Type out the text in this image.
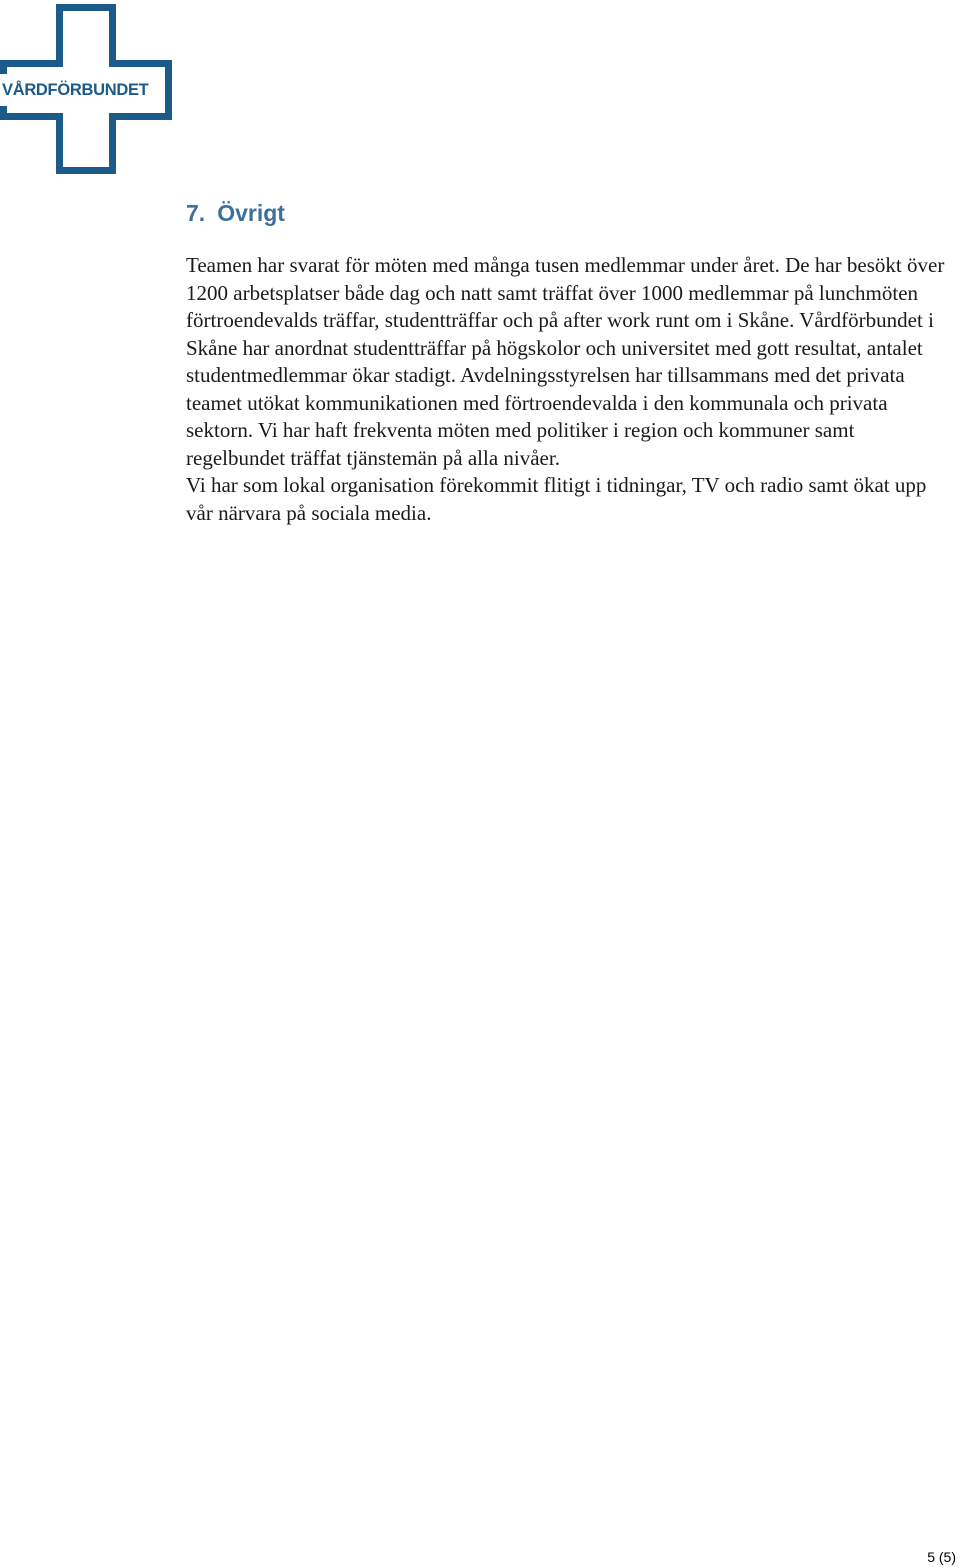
VÅRDFÖRBUNDET
7. Övrigt

Teamen har svarat för möten med många tusen medlemmar under året. De har besökt över 1200 arbetsplatser både dag och natt samt träffat över 1000 medlemmar på lunchmöten förtroendevalds träffar, studentträffar och på after work runt om i Skåne. Vårdförbundet i Skåne har anordnat studentträffar på högskolor och universitet med gott resultat, antalet studentmedlemmar ökar stadigt. Avdelningsstyrelsen har tillsammans med det privata teamet utökat kommunikationen med förtroendevalda i den kommunala och privata sektorn. Vi har haft frekventa möten med politiker i region och kommuner samt regelbundet träffat tjänstemän på alla nivåer.

Vi har som lokal organisation förekommit flitigt i tidningar, TV och radio samt ökat upp vår närvara på sociala media.

5 (5)
